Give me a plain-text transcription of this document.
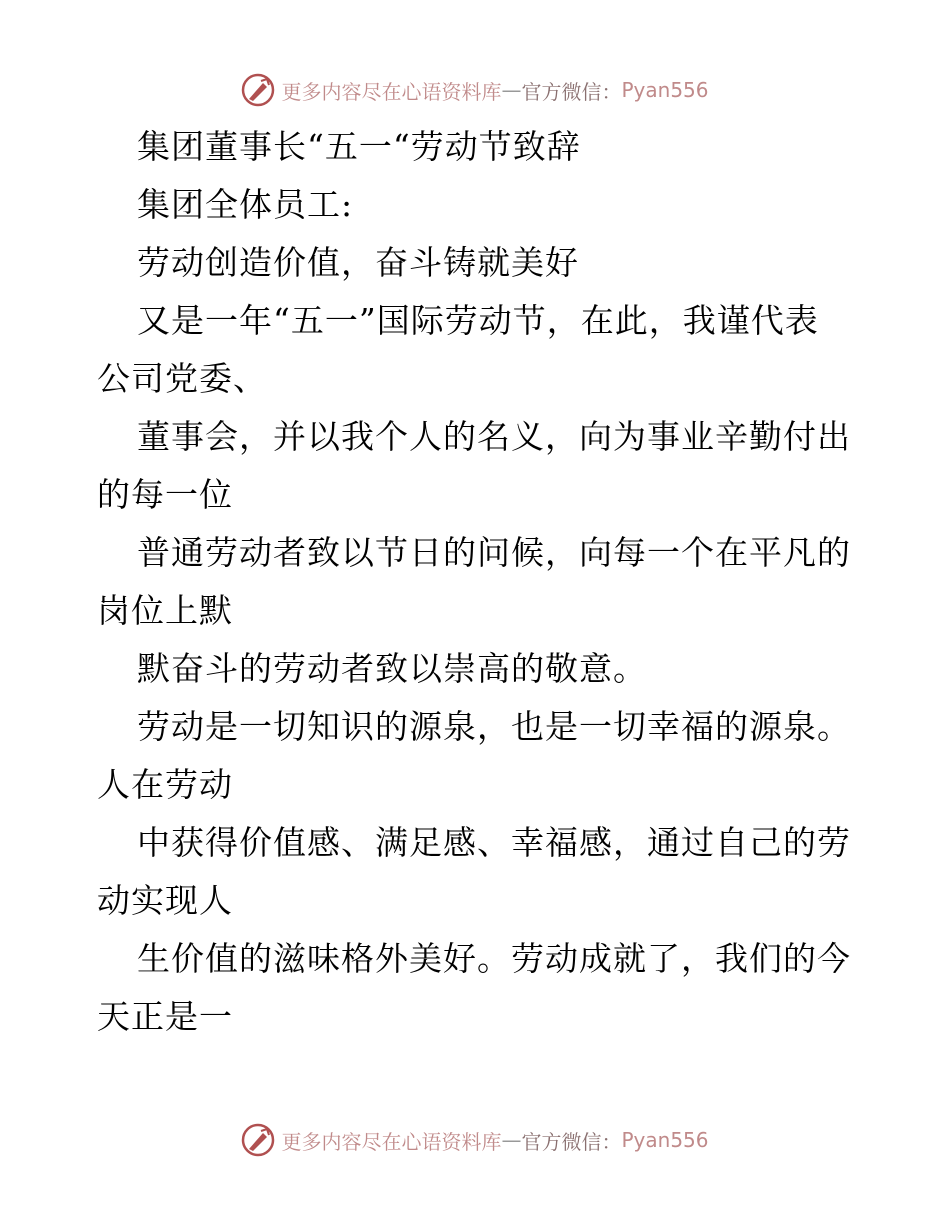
更多内容尽在心语资料库 — 官方微信： Pyan556
集团董事长“五一“劳动节致辞
集团全体员工:
劳动创造价值，奋斗铸就美好
又是一年“五一”国际劳动节，在此，我谨代表
公司党委、
董事会，并以我个人的名义，向为事业辛勤付出
的每一位
普通劳动者致以节日的问候，向每一个在平凡的
岗位上默
默奋斗的劳动者致以崇高的敬意。
劳动是一切知识的源泉，也是一切幸福的源泉。
人在劳动
中获得价值感、满足感、幸福感，通过自己的劳
动实现人
生价值的滋味格外美好。劳动成就了，我们的今
天正是一
更多内容尽在心语资料库 — 官方微信： Pyan556
